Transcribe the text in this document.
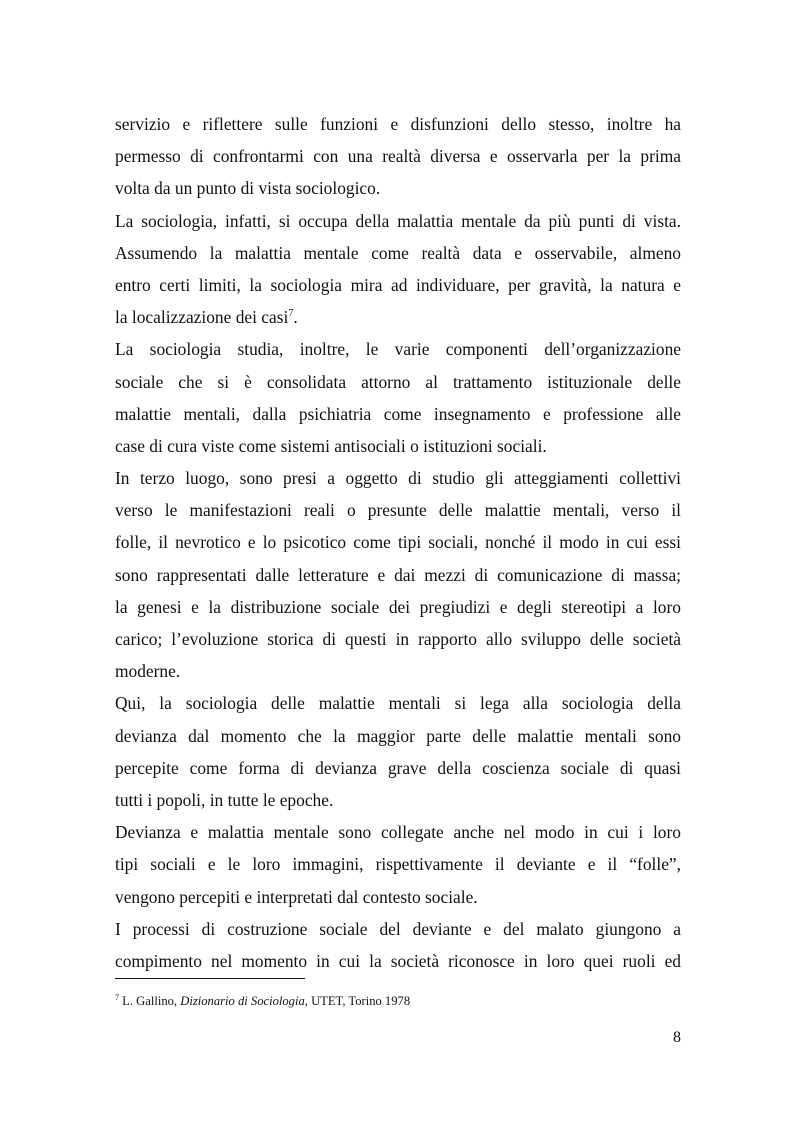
servizio e riflettere sulle funzioni e disfunzioni dello stesso, inoltre ha
permesso di confrontarmi con una realtà diversa e osservarla per la prima
volta da un punto di vista sociologico.
La sociologia, infatti, si occupa della malattia mentale da più punti di vista.
Assumendo la malattia mentale come realtà data e osservabile, almeno
entro certi limiti, la sociologia mira ad individuare, per gravità, la natura e
la localizzazione dei casi$^7$.
La sociologia studia, inoltre, le varie componenti dell’organizzazione
sociale che si è consolidata attorno al trattamento istituzionale delle
malattie mentali, dalla psichiatria come insegnamento e professione alle
case di cura viste come sistemi antisociali o istituzioni sociali.
In terzo luogo, sono presi a oggetto di studio gli atteggiamenti collettivi
verso le manifestazioni reali o presunte delle malattie mentali, verso il
folle, il nevrotico e lo psicotico come tipi sociali, nonché il modo in cui essi
sono rappresentati dalle letterature e dai mezzi di comunicazione di massa;
la genesi e la distribuzione sociale dei pregiudizi e degli stereotipi a loro
carico; l’evoluzione storica di questi in rapporto allo sviluppo delle società
moderne.
Qui, la sociologia delle malattie mentali si lega alla sociologia della
devianza dal momento che la maggior parte delle malattie mentali sono
percepite come forma di devianza grave della coscienza sociale di quasi
tutti i popoli, in tutte le epoche.
Devianza e malattia mentale sono collegate anche nel modo in cui i loro
tipi sociali e le loro immagini, rispettivamente il deviante e il “folle”,
vengono percepiti e interpretati dal contesto sociale.
I processi di costruzione sociale del deviante e del malato giungono a
compimento nel momento in cui la società riconosce in loro quei ruoli ed
$^7$ L. Gallino, Dizionario di Sociologia, UTET, Torino 1978
8
